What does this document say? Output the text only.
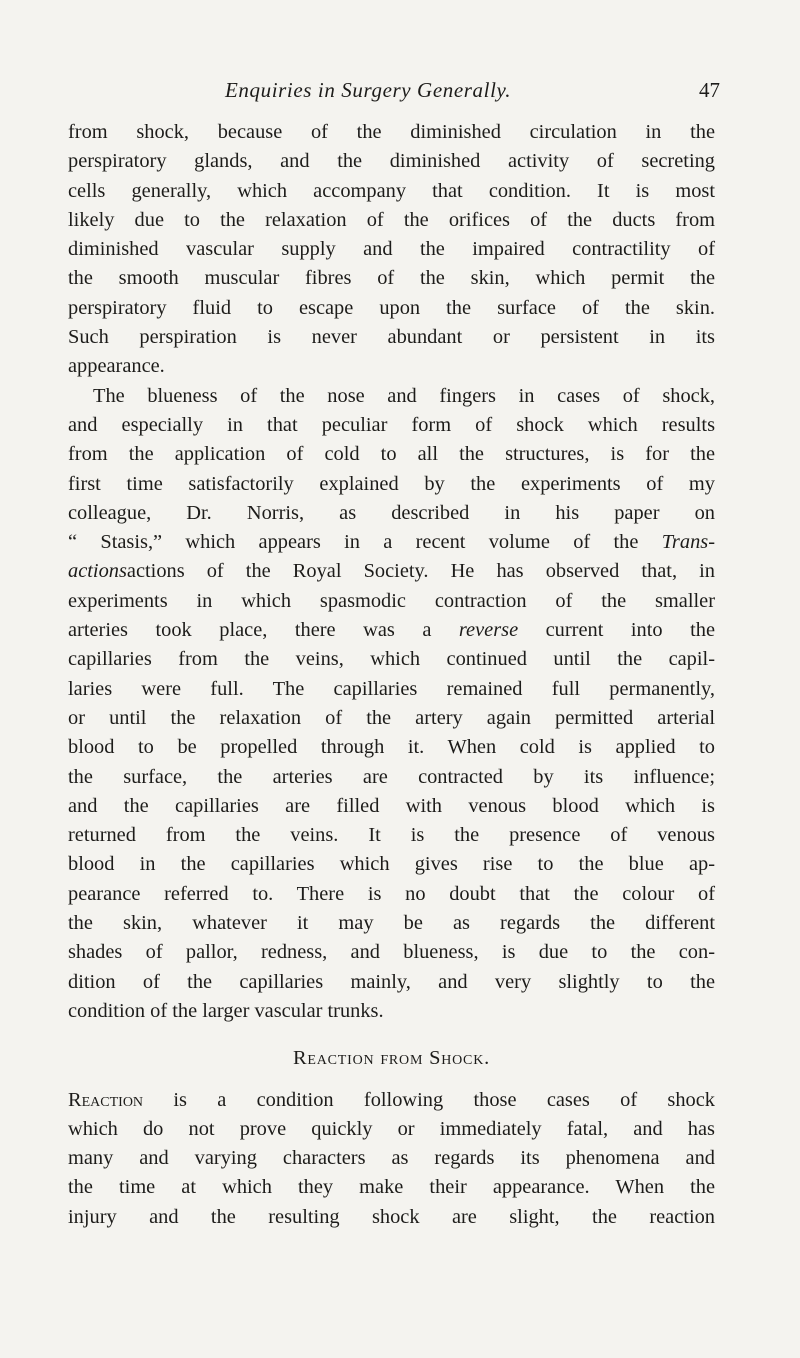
Enquiries in Surgery Generally.	47
from shock, because of the diminished circulation in the
perspiratory glands, and the diminished activity of secreting
cells generally, which accompany that condition. It is most
likely due to the relaxation of the orifices of the ducts from
diminished vascular supply and the impaired contractility of
the smooth muscular fibres of the skin, which permit the
perspiratory fluid to escape upon the surface of the skin.
Such perspiration is never abundant or persistent in its
appearance.
The blueness of the nose and fingers in cases of shock,
and especially in that peculiar form of shock which results
from the application of cold to all the structures, is for the
first time satisfactorily explained by the experiments of my
colleague, Dr. Norris, as described in his paper on
“ Stasis,” which appears in a recent volume of the Trans-
actionsactions of the Royal Society. He has observed that, in
experiments in which spasmodic contraction of the smaller
arteries took place, there was a reverse current into the
capillaries from the veins, which continued until the capil-
laries were full. The capillaries remained full permanently,
or until the relaxation of the artery again permitted arterial
blood to be propelled through it. When cold is applied to
the surface, the arteries are contracted by its influence;
and the capillaries are filled with venous blood which is
returned from the veins. It is the presence of venous
blood in the capillaries which gives rise to the blue ap-
pearance referred to. There is no doubt that the colour of
the skin, whatever it may be as regards the different
shades of pallor, redness, and blueness, is due to the con-
dition of the capillaries mainly, and very slightly to the
condition of the larger vascular trunks.
Reaction from Shock.
Reaction is a condition following those cases of shock
which do not prove quickly or immediately fatal, and has
many and varying characters as regards its phenomena and
the time at which they make their appearance. When the
injury and the resulting shock are slight, the reaction
